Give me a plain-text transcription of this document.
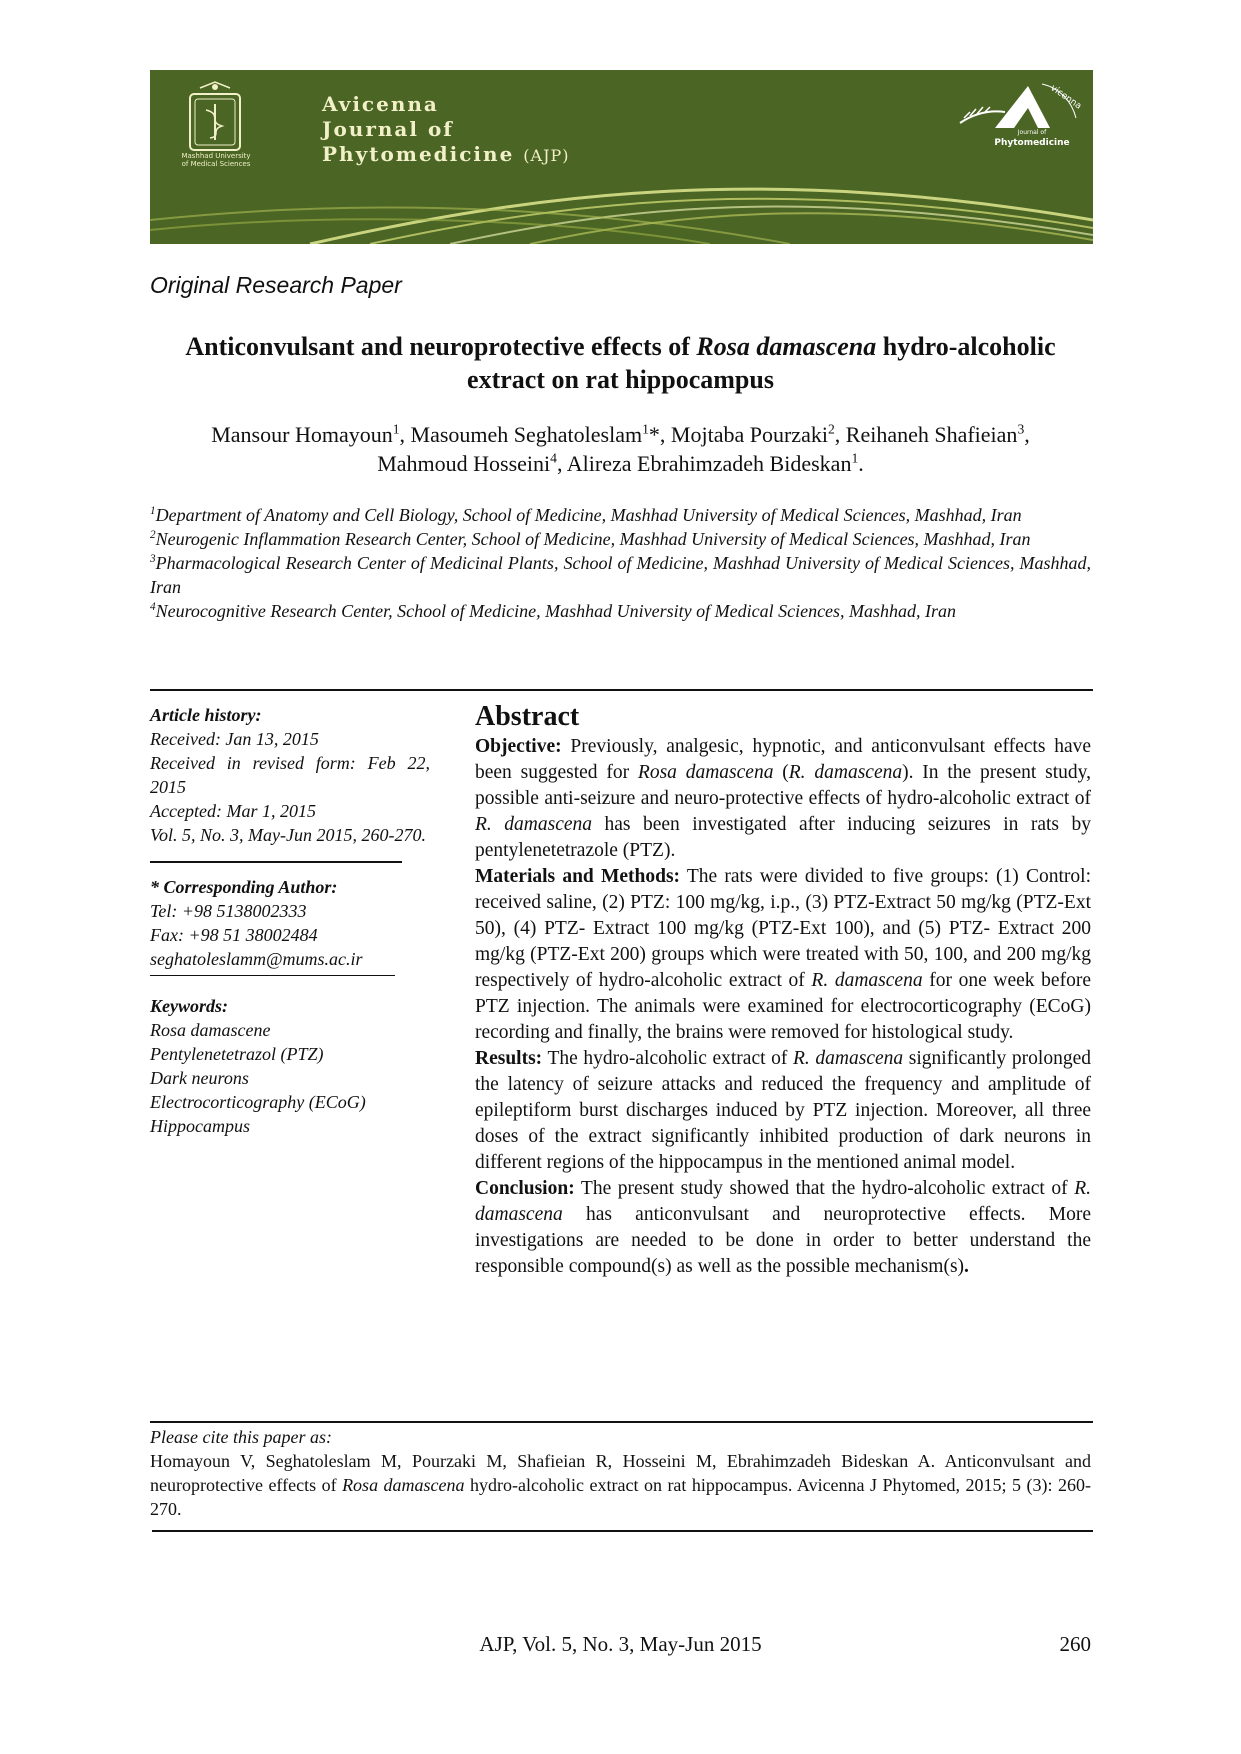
Mashhad University
of Medical Sciences
Avicenna
Journal of
Phytomedicine (AJP)
vicenna
Journal of
Phytomedicine
Original Research Paper
Anticonvulsant and neuroprotective effects of Rosa damascena hydro-alcoholic extract on rat hippocampus
Mansour Homayoun$^1$, Masoumeh Seghatoleslam$^1$*, Mojtaba Pourzaki$^2$, Reihaneh Shafieian$^3$, Mahmoud Hosseini$^4$, Alireza Ebrahimzadeh Bideskan$^1$.

$^1$Department of Anatomy and Cell Biology, School of Medicine, Mashhad University of Medical Sciences, Mashhad, Iran

$^2$Neurogenic Inflammation Research Center, School of Medicine, Mashhad University of Medical Sciences, Mashhad, Iran

$^3$Pharmacological Research Center of Medicinal Plants, School of Medicine, Mashhad University of Medical Sciences, Mashhad, Iran

$^4$Neurocognitive Research Center, School of Medicine, Mashhad University of Medical Sciences, Mashhad, Iran

Article history:

Received: Jan 13, 2015

Received in revised form: Feb 22, 2015

Accepted: Mar 1, 2015

Vol. 5, No. 3, May-Jun 2015, 260-270.

* Corresponding Author:

Tel: +98 5138002333

Fax: +98 51 38002484

seghatoleslamm@mums.ac.ir

Keywords:

Rosa damascene

Pentylenetetrazol (PTZ)

Dark neurons

Electrocorticography (ECoG)

Hippocampus

Abstract

Objective: Previously, analgesic, hypnotic, and anticonvulsant effects have been suggested for Rosa damascena (R. damascena). In the present study, possible anti-seizure and neuro-protective effects of hydro-alcoholic extract of R. damascena has been investigated after inducing seizures in rats by pentylenetetrazole (PTZ).

Materials and Methods: The rats were divided to five groups: (1) Control: received saline, (2) PTZ: 100 mg/kg, i.p., (3) PTZ-Extract 50 mg/kg (PTZ-Ext 50), (4) PTZ- Extract 100 mg/kg (PTZ-Ext 100), and (5) PTZ- Extract 200 mg/kg (PTZ-Ext 200) groups which were treated with 50, 100, and 200 mg/kg respectively of hydro-alcoholic extract of R. damascena for one week before PTZ injection. The animals were examined for electrocorticography (ECoG) recording and finally, the brains were removed for histological study.

Results: The hydro-alcoholic extract of R. damascena significantly prolonged the latency of seizure attacks and reduced the frequency and amplitude of epileptiform burst discharges induced by PTZ injection. Moreover, all three doses of the extract significantly inhibited production of dark neurons in different regions of the hippocampus in the mentioned animal model.

Conclusion: The present study showed that the hydro-alcoholic extract of R. damascena has anticonvulsant and neuroprotective effects. More investigations are needed to be done in order to better understand the responsible compound(s) as well as the possible mechanism(s).

Please cite this paper as:

Homayoun V, Seghatoleslam M, Pourzaki M, Shafieian R, Hosseini M, Ebrahimzadeh Bideskan A. Anticonvulsant and neuroprotective effects of Rosa damascena hydro-alcoholic extract on rat hippocampus. Avicenna J Phytomed, 2015; 5 (3): 260-270.

AJP, Vol. 5, No. 3, May-Jun 2015	260
